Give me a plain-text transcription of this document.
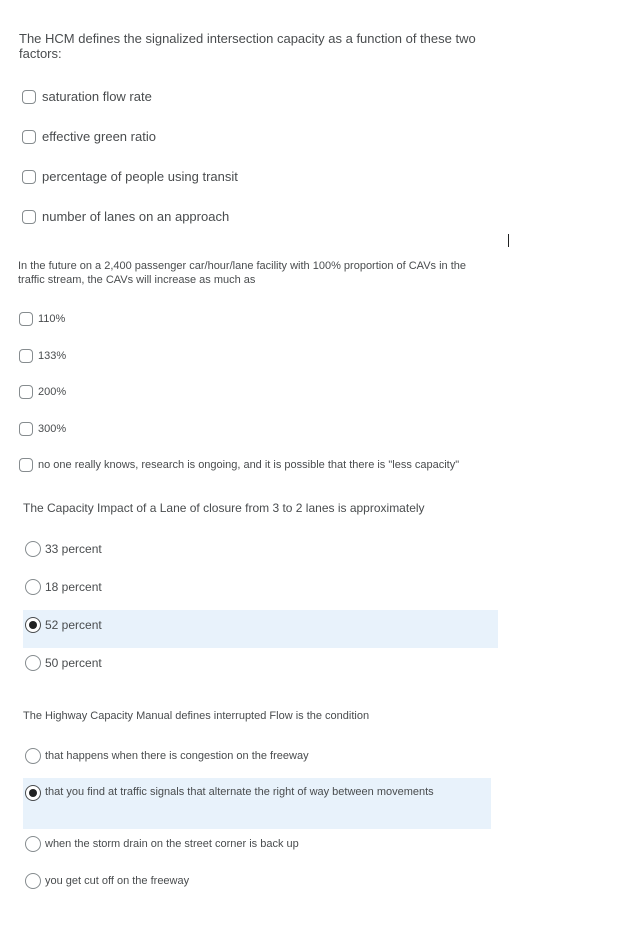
The HCM defines the signalized intersection capacity as a function of these two factors:

saturation flow rate
effective green ratio
percentage of people using transit
number of lanes on an approach

In the future on a 2,400 passenger car/hour/lane facility with 100% proportion of CAVs in the traffic stream, the CAVs will increase as much as

110%
133%
200%
300%
no one really knows, research is ongoing, and it is possible that there is "less capacity"

The Capacity Impact of a Lane of closure from 3 to 2 lanes is approximately

33 percent
18 percent
52 percent
50 percent

The Highway Capacity Manual defines interrupted Flow is the condition

that happens when there is congestion on the freeway
that you find at traffic signals that alternate the right of way between movements
when the storm drain on the street corner is back up
you get cut off on the freeway
